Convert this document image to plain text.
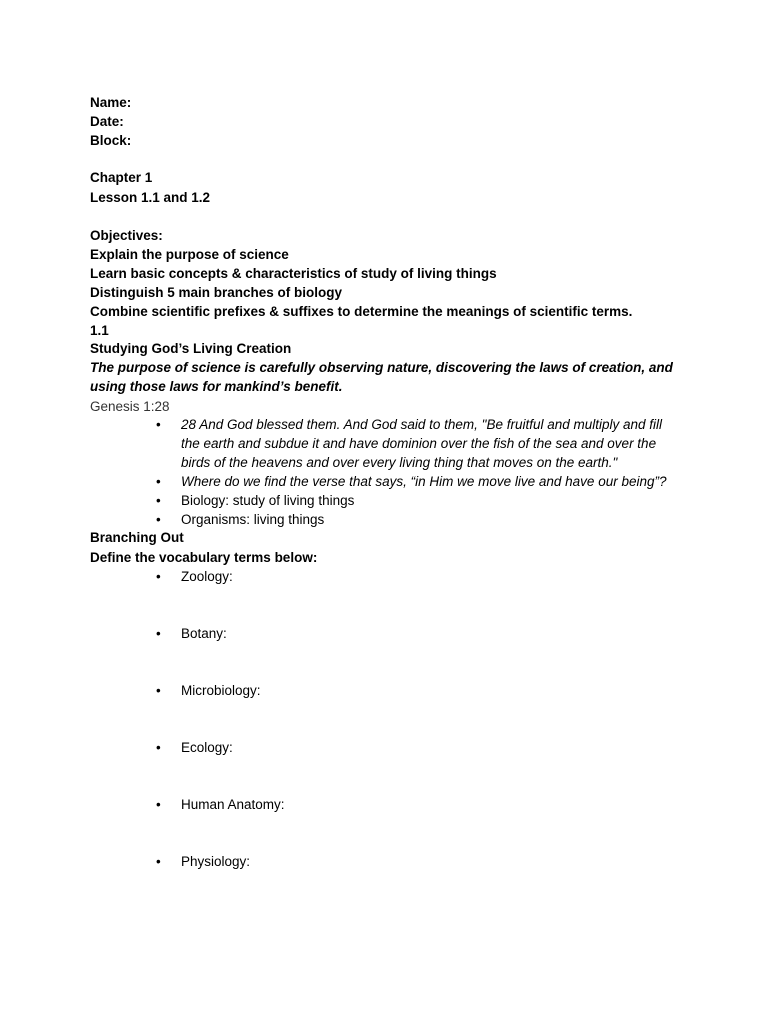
Name:
Date:
Block:
Chapter 1
Lesson 1.1 and 1.2
Objectives:
Explain the purpose of science
Learn basic concepts & characteristics of study of living things
Distinguish 5 main branches of biology
Combine scientific prefixes & suffixes to determine the meanings of scientific terms.
1.1
Studying God’s Living Creation
The purpose of science is carefully observing nature, discovering the laws of creation, and
using those laws for mankind’s benefit.
Genesis 1:28
•	28 And God blessed them. And God said to them, "Be fruitful and multiply and fill
the earth and subdue it and have dominion over the fish of the sea and over the
birds of the heavens and over every living thing that moves on the earth."
•	Where do we find the verse that says, “in Him we move live and have our being”?
•	Biology: study of living things
•	Organisms: living things
Branching Out
Define the vocabulary terms below:
•	Zoology:
•	Botany:
•	Microbiology:
•	Ecology:
•	Human Anatomy:
•	Physiology:
